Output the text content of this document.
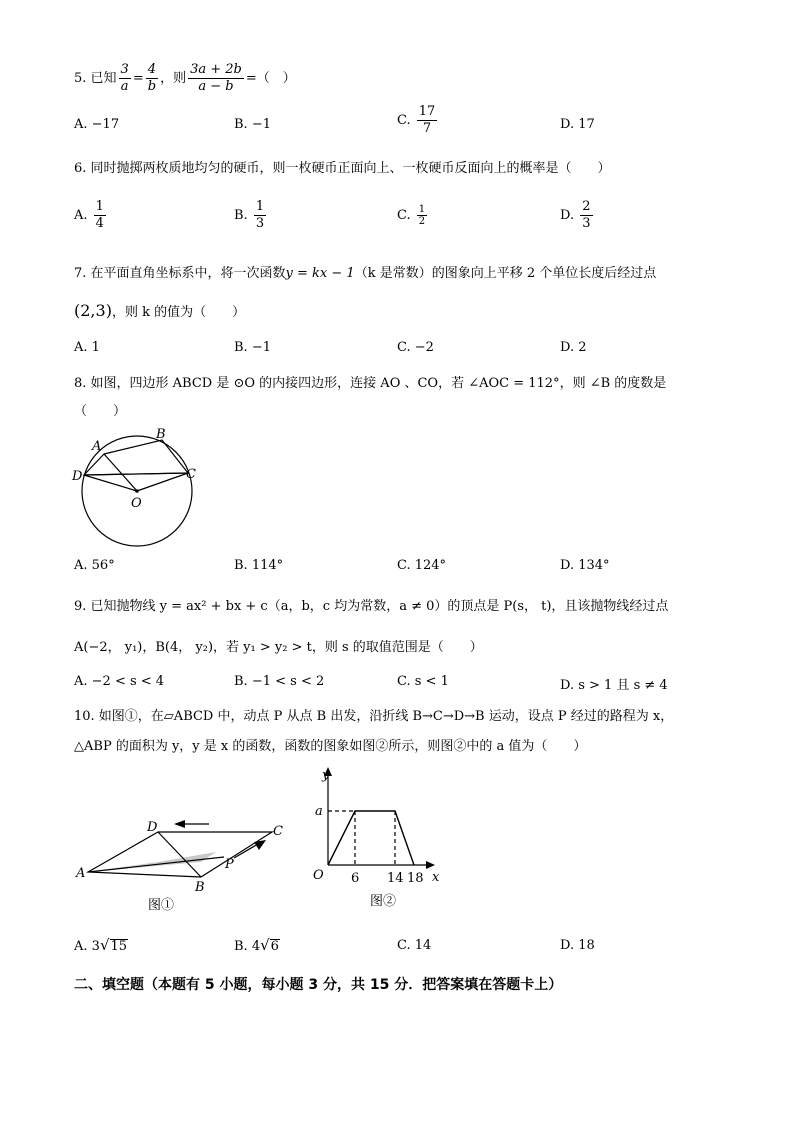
5. 已知 $\frac{3}{a} = \frac{4}{b}$ ，则 $\frac{3a + 2b}{a - b}$ =（　）
A. −17	B. −1	C. $\frac{17}{7}$	D. 17
6. 同时抛掷两枚质地均匀的硬币，则一枚硬币正面向上、一枚硬币反面向上的概率是（　　）
A. $\frac{1}{4}$	B. $\frac{1}{3}$	C. $\frac{1}{2}$	D. $\frac{2}{3}$
7. 在平面直角坐标系中，将一次函数y = kx − 1（k 是常数）的图象向上平移 2 个单位长度后经过点
(2,3)，则 k 的值为（　　）
A. 1	B. −1	C. −2	D. 2
8. 如图，四边形 ABCD 是 ⊙O 的内接四边形，连接 AO 、CO，若 ∠AOC = 112°，则 ∠B 的度数是
（　　）
A
B
C
D
O
A. 56°	B. 114°	C. 124°	D. 134°
9. 已知抛物线 y = ax² + bx + c（a，b，c 均为常数，a ≠ 0）的顶点是 P(s， t)，且该抛物线经过点
A(−2， y₁)，B(4， y₂)，若 y₁ > y₂ > t，则 s 的取值范围是（　　）
A. −2 < s < 4	B. −1 < s < 2	C. s < 1	D. s > 1 且 s ≠ 4
10. 如图①，在▱ABCD 中，动点 P 从点 B 出发，沿折线 B→C→D→B 运动，设点 P 经过的路程为 x，
△ABP 的面积为 y，y 是 x 的函数，函数的图象如图②所示，则图②中的 a 值为（　　）
A
B
C
D
P
图①
y
x
O
a
6 14 18
图②
A. 3√15	B. 4√6	C. 14	D. 18
二、填空题（本题有 5 小题，每小题 3 分，共 15 分．把答案填在答题卡上）
